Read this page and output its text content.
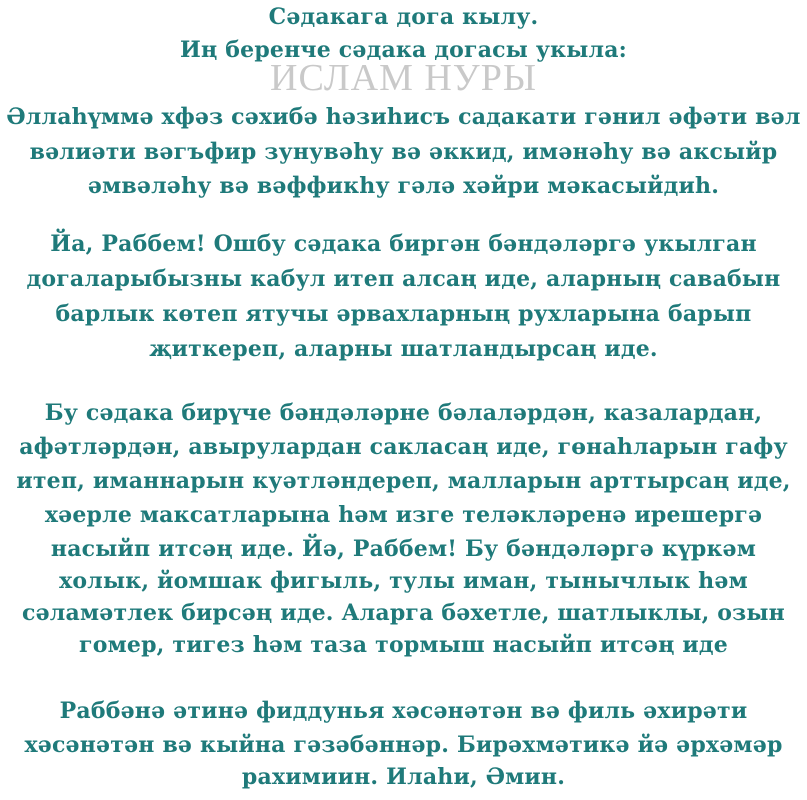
Сәдакага дога кылу.
Иң беренче сәдака догасы укыла:
ИСЛАМ НУРЫ
Әллаһүммә хфәз сәхибә һәзиһисъ садакати гәнил әфәти вәл
вәлиәти вәгъфир зунувәһу вә әккид, имәнәһу вә аксыйр
әмвәләһу вә вәффикһу гәлә хәйри мәкасыйдиһ.
Йа, Раббем! Ошбу сәдака биргән бәндәләргә укылган
догаларыбызны кабул итеп алсаң иде, аларның савабын
барлык көтеп ятучы әрвахларның рухларына барып
җиткереп, аларны шатландырсаң иде.
Бу сәдака бирүче бәндәләрне бәлаләрдән, казалардан,
афәтләрдән, авырулардан сакласаң иде, гөнаһларын гафу
итеп, иманнарын куәтләндереп, малларын арттырсаң иде,
хәерле максатларына һәм изге теләкләренә ирешергә
насыйп итсәң иде. Йә, Раббем! Бу бәндәләргә күркәм
холык, йомшак фигыль, тулы иман, тынычлык һәм
сәламәтлек бирсәң иде. Аларга бәхетле, шатлыклы, озын
гомер, тигез һәм таза тормыш насыйп итсәң иде
Раббәнә әтинә фиддунья хәсәнәтән вә филь әхирәти
хәсәнәтән вә кыйна гәзәбәннәр. Бирәхмәтикә йә әрхәмәр
рахимиин. Илаһи, Әмин.
